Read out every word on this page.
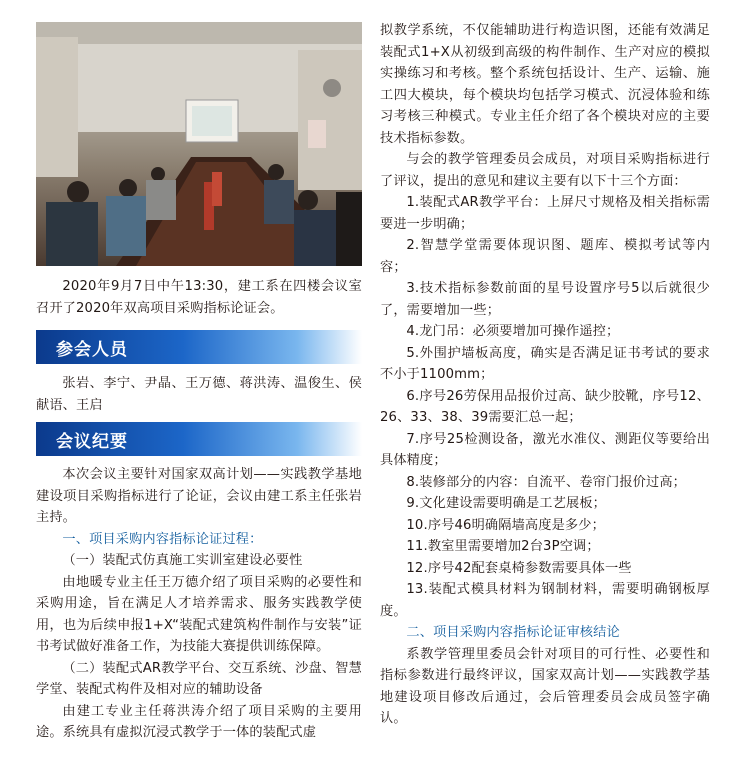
2020年9月7日中午13:30，建工系在四楼会议室召开了2020年双高项目采购指标论证会。

参会人员

张岩、李宁、尹晶、王万德、蒋洪涛、温俊生、侯献语、王启

会议纪要

本次会议主要针对国家双高计划——实践教学基地建设项目采购指标进行了论证，会议由建工系主任张岩主持。

一、项目采购内容指标论证过程：

（一）装配式仿真施工实训室建设必要性

由地暖专业主任王万德介绍了项目采购的必要性和采购用途，旨在满足人才培养需求、服务实践教学使用，也为后续申报1+X“装配式建筑构件制作与安装”证书考试做好准备工作，为技能大赛提供训练保障。

（二）装配式AR教学平台、交互系统、沙盘、智慧学堂、装配式构件及相对应的辅助设备

由建工专业主任蒋洪涛介绍了项目采购的主要用途。系统具有虚拟沉浸式教学于一体的装配式虚

拟教学系统，不仅能辅助进行构造识图，还能有效满足装配式1+X从初级到高级的构件制作、生产对应的模拟实操练习和考核。整个系统包括设计、生产、运输、施工四大模块，每个模块均包括学习模式、沉浸体验和练习考核三种模式。专业主任介绍了各个模块对应的主要技术指标参数。

与会的教学管理委员会成员，对项目采购指标进行了评议，提出的意见和建议主要有以下十三个方面：

1.装配式AR教学平台：上屏尺寸规格及相关指标需要进一步明确；

2.智慧学堂需要体现识图、题库、模拟考试等内容；

3.技术指标参数前面的星号设置序号5以后就很少了，需要增加一些；

4.龙门吊：必须要增加可操作遥控；

5.外围护墙板高度，确实是否满足证书考试的要求不小于1100mm；

6.序号26劳保用品报价过高、缺少胶靴，序号12、26、33、38、39需要汇总一起；

7.序号25检测设备，激光水准仪、测距仪等要给出具体精度；

8.装修部分的内容：自流平、卷帘门报价过高；

9.文化建设需要明确是工艺展板；

10.序号46明确隔墙高度是多少；

11.教室里需要增加2台3P空调；

12.序号42配套桌椅参数需要具体一些

13.装配式模具材料为钢制材料，需要明确钢板厚度。

二、项目采购内容指标论证审核结论

系教学管理里委员会针对项目的可行性、必要性和指标参数进行最终评议，国家双高计划——实践教学基地建设项目修改后通过，会后管理委员会成员签字确认。
